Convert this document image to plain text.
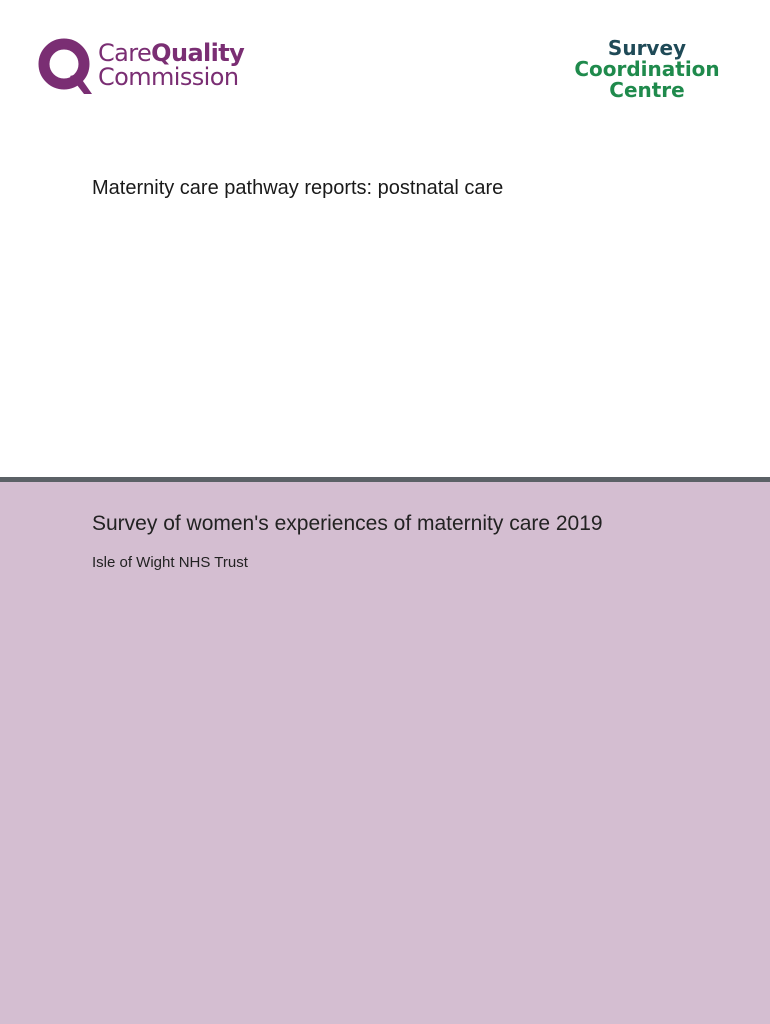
CareQuality
Commission
Survey
Coordination
Centre
Maternity care pathway reports: postnatal care
Survey of women's experiences of maternity care 2019
Isle of Wight NHS Trust
